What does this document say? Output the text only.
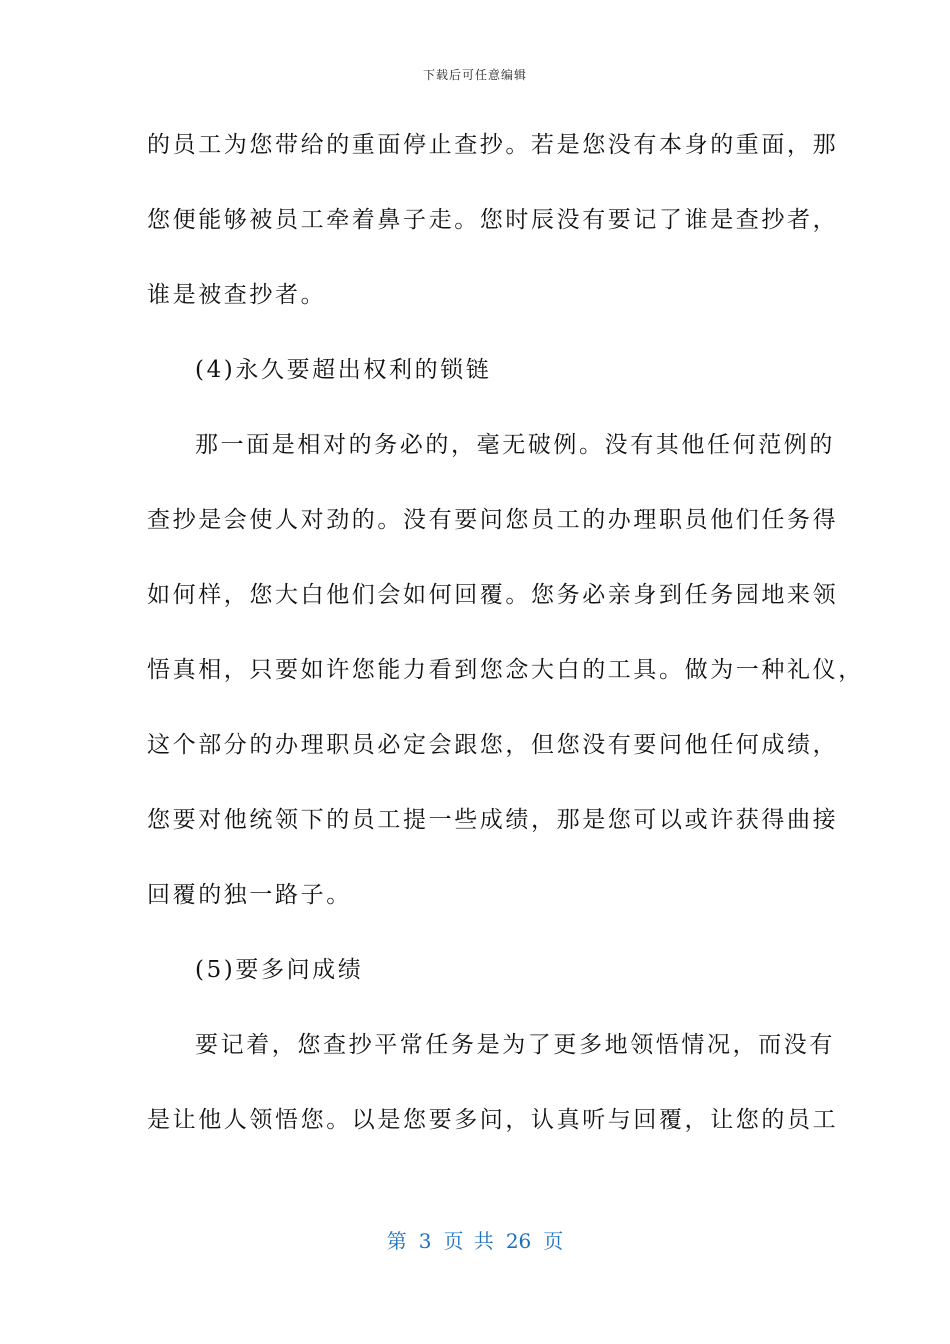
下载后可任意编辑
的员工为您带给的重面停止查抄。若是您没有本身的重面，那
您便能够被员工牵着鼻子走。您时辰没有要记了谁是查抄者，
谁是被查抄者。
(4)永久要超出权利的锁链
那一面是相对的务必的，毫无破例。没有其他任何范例的
查抄是会使人对劲的。没有要问您员工的办理职员他们任务得
如何样，您大白他们会如何回覆。您务必亲身到任务园地来领
悟真相，只要如许您能力看到您念大白的工具。做为一种礼仪，
这个部分的办理职员必定会跟您，但您没有要问他任何成绩，
您要对他统领下的员工提一些成绩，那是您可以或许获得曲接
回覆的独一路子。
(5)要多问成绩
要记着，您查抄平常任务是为了更多地领悟情况，而没有
是让他人领悟您。以是您要多问，认真听与回覆，让您的员工
第 3 页 共 26 页
